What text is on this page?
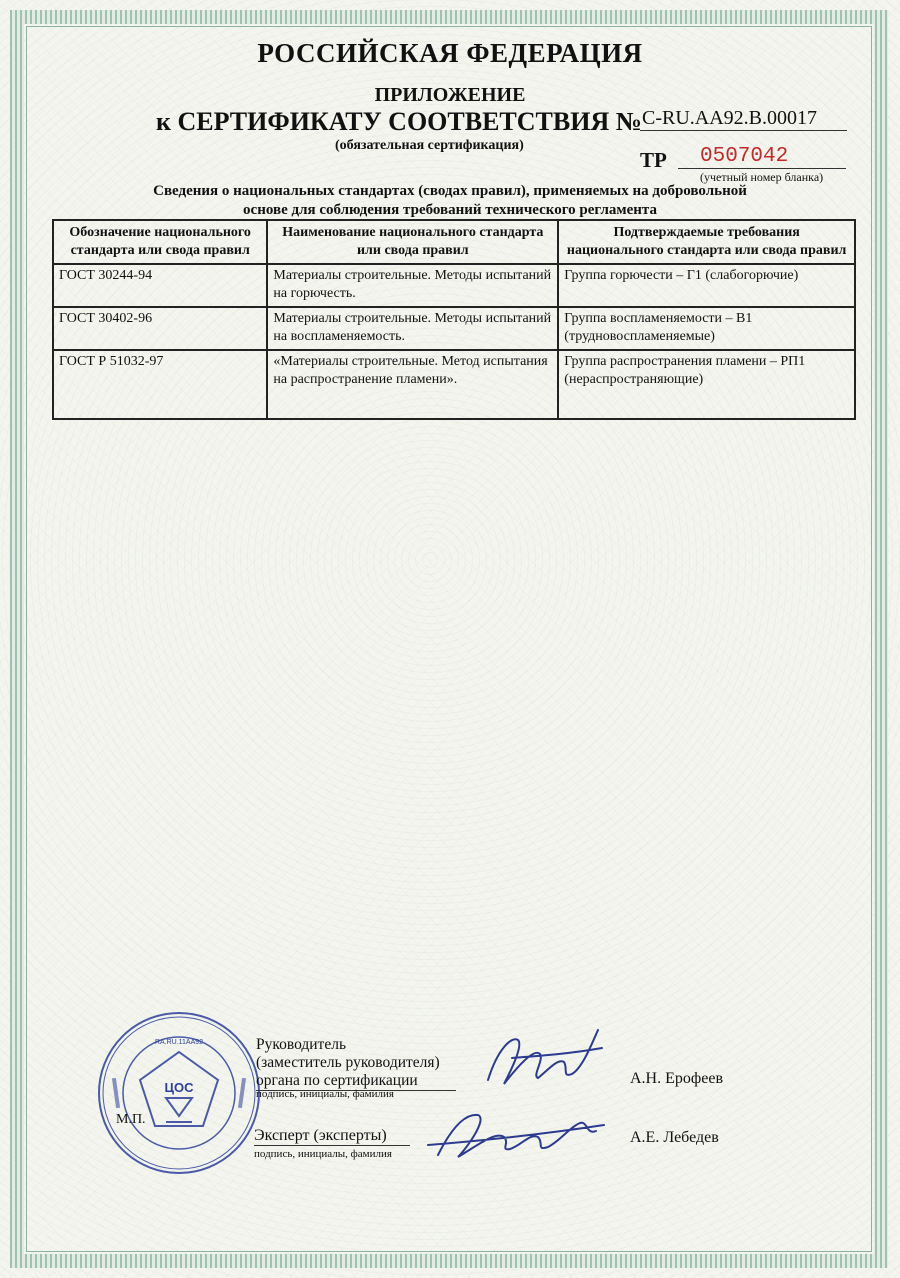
РОССИЙСКАЯ ФЕДЕРАЦИЯ
ПРИЛОЖЕНИЕ
к СЕРТИФИКАТУ СООТВЕТСТВИЯ № С-RU.АА92.В.00017
(обязательная сертификация)
ТР	0507042
(учетный номер бланка)
Сведения о национальных стандартах (сводах правил), применяемых на добровольной
основе для соблюдения требований технического регламента
Обозначение национального стандарта или свода правил	Наименование национального стандарта или свода правил	Подтверждаемые требования национального стандарта или свода правил
ГОСТ 30244-94	Материалы строительные. Методы испытаний на горючесть.	Группа горючести – Г1 (слабогорючие)
ГОСТ 30402-96	Материалы строительные. Методы испытаний на воспламеняемость.	Группа воспламеняемости – В1 (трудновоспламеняемые)
ГОСТ Р 51032-97	«Материалы строительные. Метод испытания на распространение пламени».	Группа распространения пламени – РП1 (нераспространяющие)
ЦОС
RA.RU.11АА92
М.П.
Руководитель
(заместитель руководителя)
органа по сертификации
подпись, инициалы, фамилия
А.Н. Ерофеев
Эксперт (эксперты)
подпись, инициалы, фамилия
А.Е. Лебедев
